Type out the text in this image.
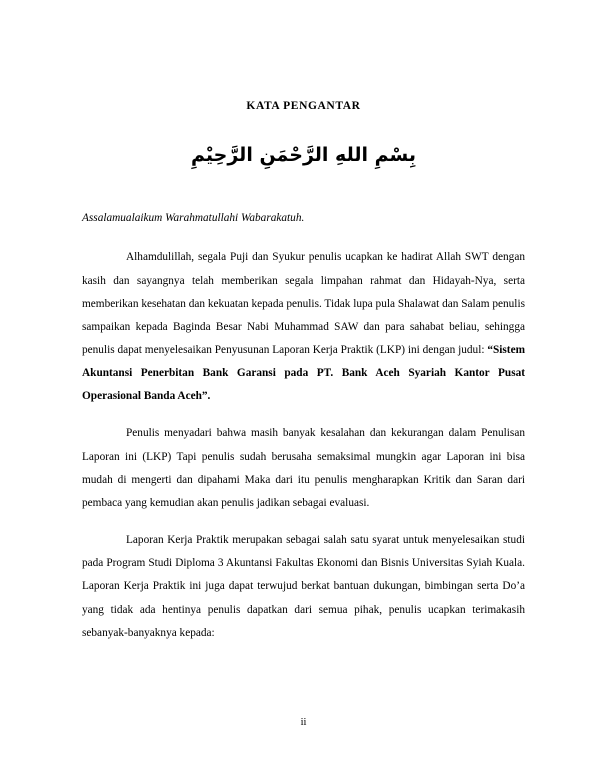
KATA PENGANTAR
بِسْمِ اللهِ الرَّحْمَنِ الرَّحِيْمِ
Assalamualaikum Warahmatullahi Wabarakatuh.

Alhamdulillah, segala Puji dan Syukur penulis ucapkan ke hadirat Allah SWT dengan kasih dan sayangnya telah memberikan segala limpahan rahmat dan Hidayah-Nya, serta memberikan kesehatan dan kekuatan kepada penulis. Tidak lupa pula Shalawat dan Salam penulis sampaikan kepada Baginda Besar Nabi Muhammad SAW dan para sahabat beliau, sehingga penulis dapat menyelesaikan Penyusunan Laporan Kerja Praktik (LKP) ini dengan judul: “Sistem Akuntansi Penerbitan Bank Garansi pada PT. Bank Aceh Syariah Kantor Pusat Operasional Banda Aceh”.

Penulis menyadari bahwa masih banyak kesalahan dan kekurangan dalam Penulisan Laporan ini (LKP) Tapi penulis sudah berusaha semaksimal mungkin agar Laporan ini bisa mudah di mengerti dan dipahami Maka dari itu penulis mengharapkan Kritik dan Saran dari pembaca yang kemudian akan penulis jadikan sebagai evaluasi.

Laporan Kerja Praktik merupakan sebagai salah satu syarat untuk menyelesaikan studi pada Program Studi Diploma 3 Akuntansi Fakultas Ekonomi dan Bisnis Universitas Syiah Kuala. Laporan Kerja Praktik ini juga dapat terwujud berkat bantuan dukungan, bimbingan serta Do’a yang tidak ada hentinya penulis dapatkan dari semua pihak, penulis ucapkan terimakasih sebanyak-banyaknya kepada:

ii
